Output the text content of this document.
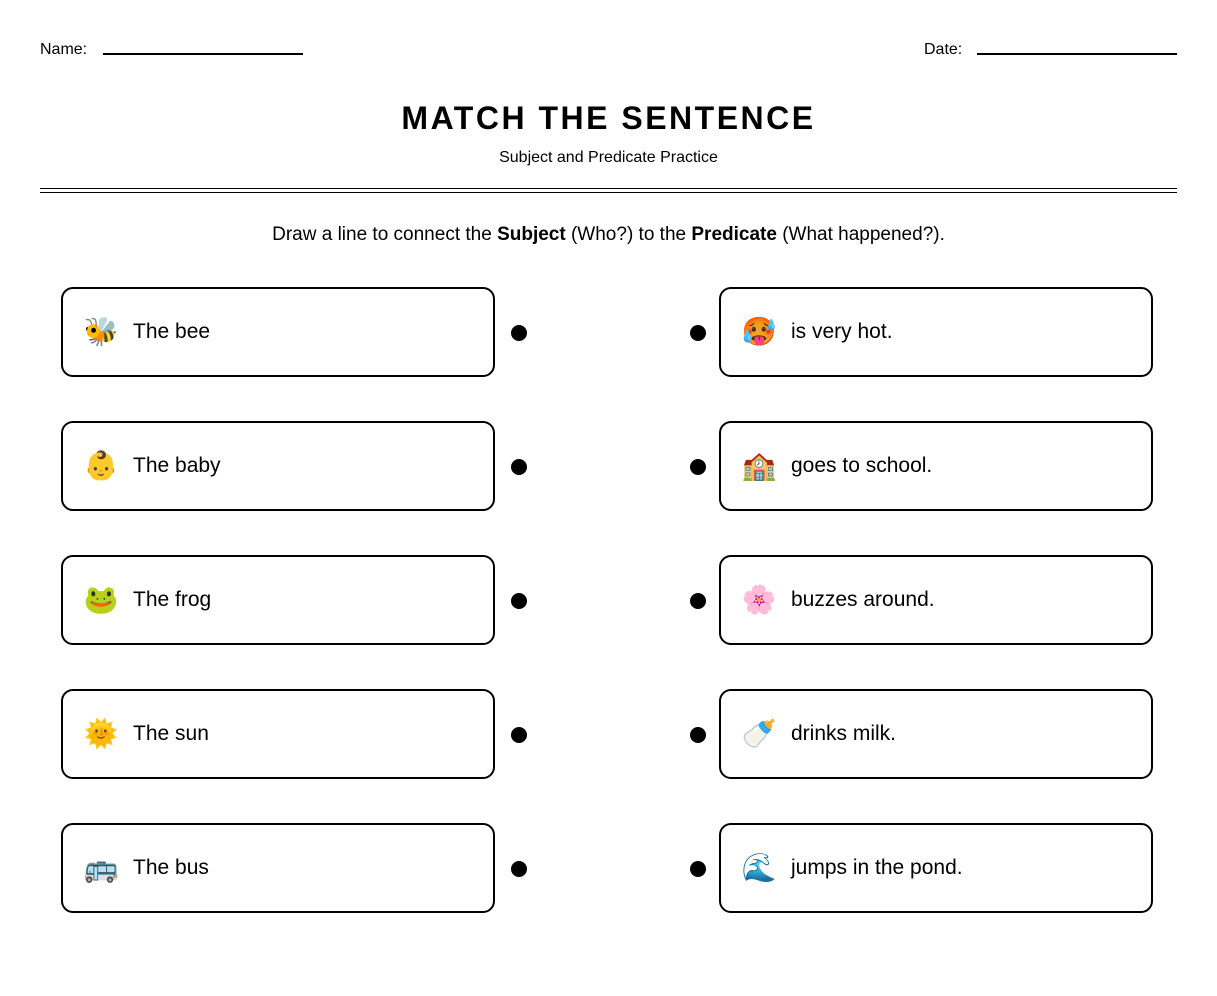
Name:	Date:
MATCH THE SENTENCE
Subject and Predicate Practice
Draw a line to connect the Subject (Who?) to the Predicate (What happened?).
🐝 The bee	🥵 is very hot.
👶 The baby	🏫 goes to school.
🐸 The frog	🌸 buzzes around.
🌞 The sun	🍼 drinks milk.
🚌 The bus	🌊 jumps in the pond.
